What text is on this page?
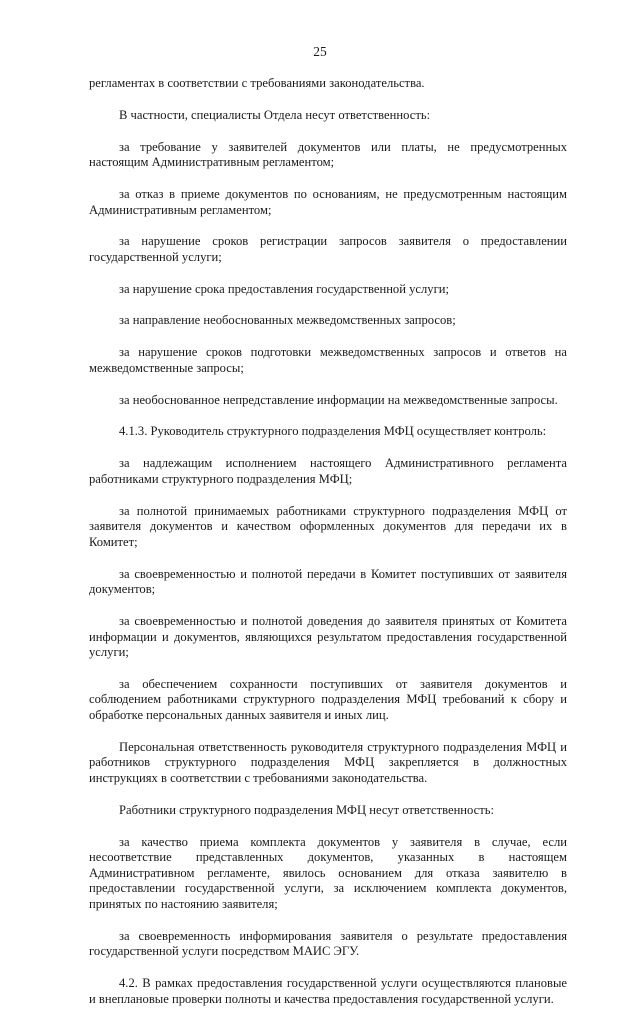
25

регламентах в соответствии с требованиями законодательства.

В частности, специалисты Отдела несут ответственность:

за требование у заявителей документов или платы, не предусмотренных настоящим Административным регламентом;

за отказ в приеме документов по основаниям, не предусмотренным настоящим Административным регламентом;

за нарушение сроков регистрации запросов заявителя о предоставлении государственной услуги;

за нарушение срока предоставления государственной услуги;

за направление необоснованных межведомственных запросов;

за нарушение сроков подготовки межведомственных запросов и ответов на межведомственные запросы;

за необоснованное непредставление информации на межведомственные запросы.

4.1.3. Руководитель структурного подразделения МФЦ осуществляет контроль:

за надлежащим исполнением настоящего Административного регламента работниками структурного подразделения МФЦ;

за полнотой принимаемых работниками структурного подразделения МФЦ от заявителя документов и качеством оформленных документов для передачи их в Комитет;

за своевременностью и полнотой передачи в Комитет поступивших от заявителя документов;

за своевременностью и полнотой доведения до заявителя принятых от Комитета информации и документов, являющихся результатом предоставления государственной услуги;

за обеспечением сохранности поступивших от заявителя документов и соблюдением работниками структурного подразделения МФЦ требований к сбору и обработке персональных данных заявителя и иных лиц.

Персональная ответственность руководителя структурного подразделения МФЦ и работников структурного подразделения МФЦ закрепляется в должностных инструкциях в соответствии с требованиями законодательства.

Работники структурного подразделения МФЦ несут ответственность:

за качество приема комплекта документов у заявителя в случае, если несоответствие представленных документов, указанных в настоящем Административном регламенте, явилось основанием для отказа заявителю в предоставлении государственной услуги, за исключением комплекта документов, принятых по настоянию заявителя;

за своевременность информирования заявителя о результате предоставления государственной услуги посредством МАИС ЭГУ.

4.2. В рамках предоставления государственной услуги осуществляются плановые и внеплановые проверки полноты и качества предоставления государственной услуги.
